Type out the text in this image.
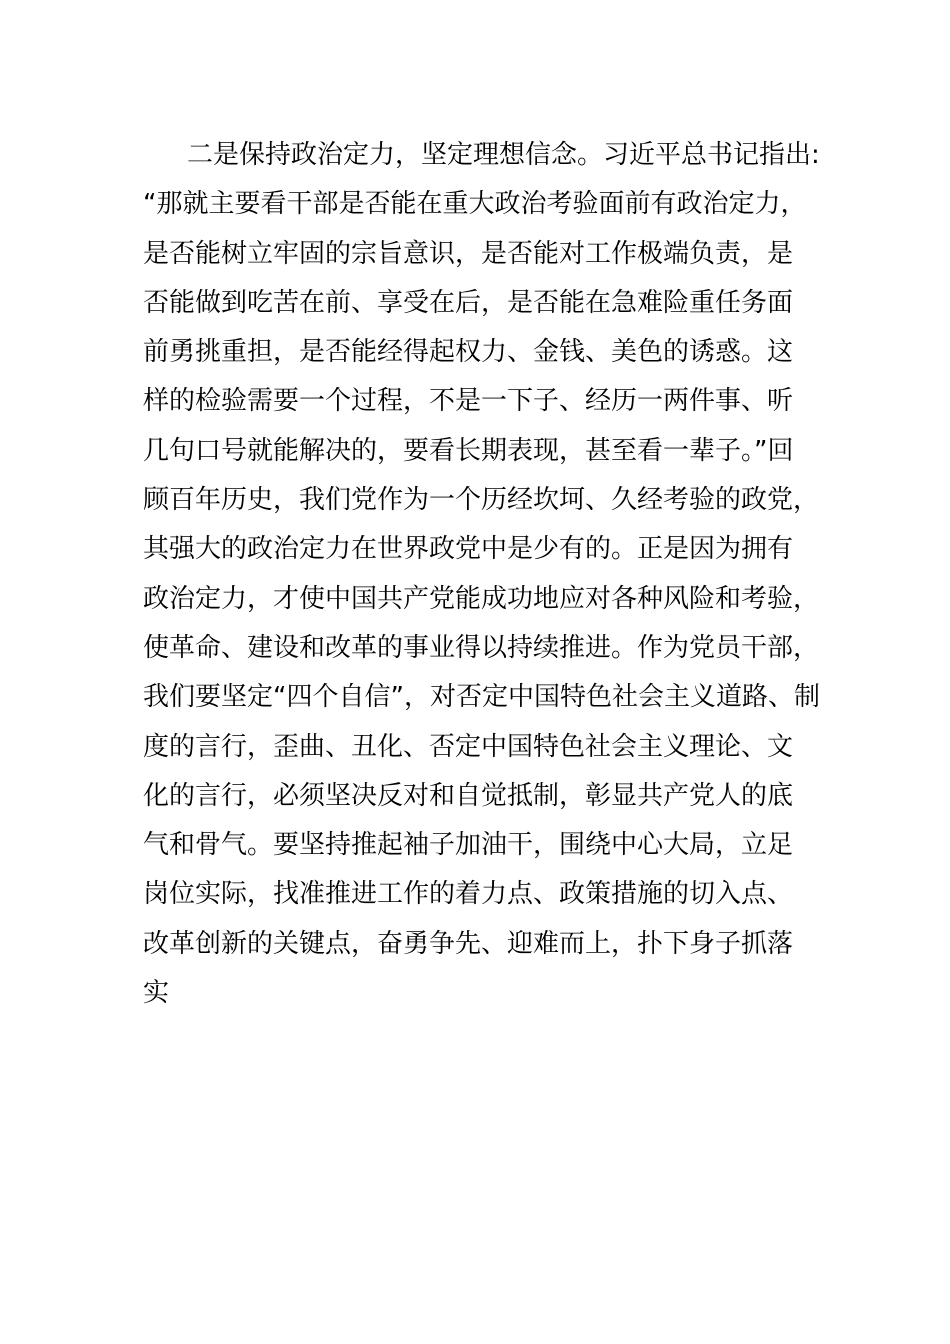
二是保持政治定力，坚定理想信念。习近平总书记指出:
“那就主要看干部是否能在重大政治考验面前有政治定力，
是否能树立牢固的宗旨意识，是否能对工作极端负责，是
否能做到吃苦在前、享受在后，是否能在急难险重任务面
前勇挑重担，是否能经得起权力、金钱、美色的诱惑。这
样的检验需要一个过程，不是一下子、经历一两件事、听
几句口号就能解决的，要看长期表现，甚至看一辈子。”回
顾百年历史，我们党作为一个历经坎坷、久经考验的政党，
其强大的政治定力在世界政党中是少有的。正是因为拥有
政治定力，才使中国共产党能成功地应对各种风险和考验，
使革命、建设和改革的事业得以持续推进。作为党员干部，
我们要坚定“四个自信”，对否定中国特色社会主义道路、制
度的言行，歪曲、丑化、否定中国特色社会主义理论、文
化的言行，必须坚决反对和自觉抵制，彰显共产党人的底
气和骨气。要坚持推起袖子加油干，围绕中心大局，立足
岗位实际，找准推进工作的着力点、政策措施的切入点、
改革创新的关键点，奋勇争先、迎难而上，扑下身子抓落
实
